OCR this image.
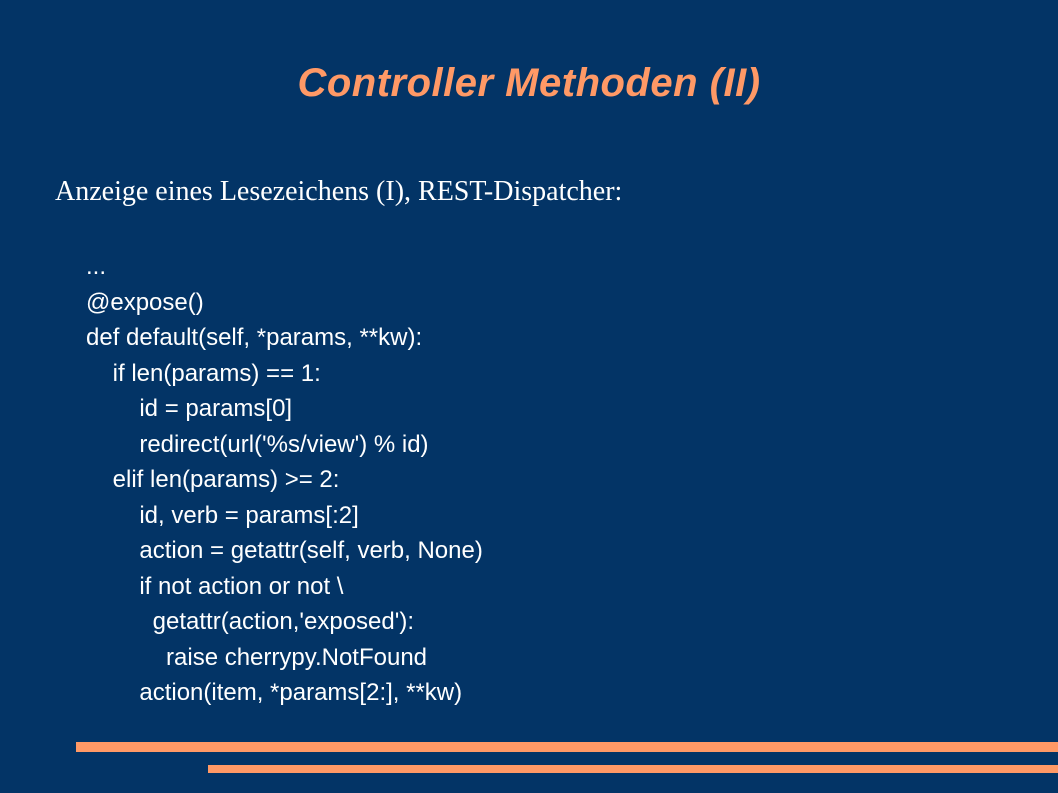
Controller Methoden (II)
Anzeige eines Lesezeichens (I), REST-Dispatcher:
...
@expose()
def default(self, *params, **kw):
if len(params) == 1:
id = params[0]
redirect(url('%s/view') % id)
elif len(params) >= 2:
id, verb = params[:2]
action = getattr(self, verb, None)
if not action or not \
getattr(action,'exposed'):
raise cherrypy.NotFound
action(item, *params[2:], **kw)
